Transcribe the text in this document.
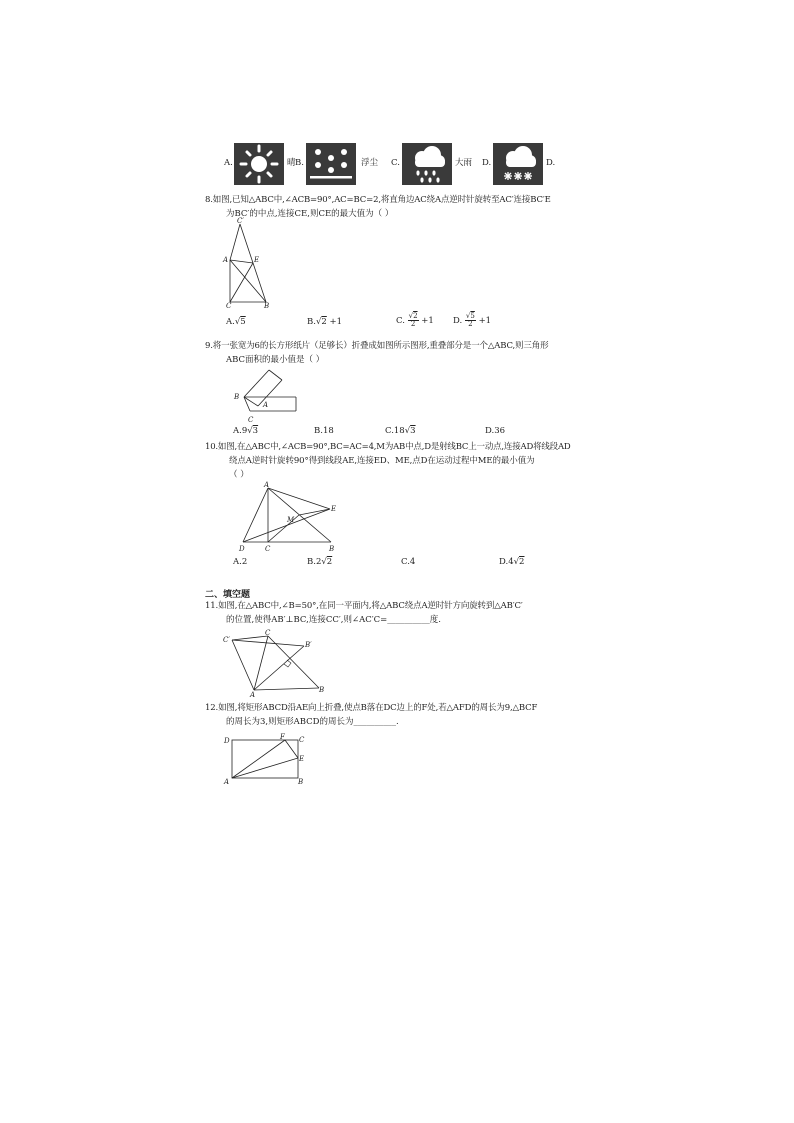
A.	晴 B.	浮尘 C.	大雨 D.	D.
8.如图,已知△ABC中,∠ACB=90°,AC=BC=2,将直角边AC绕A点逆时针旋转至AC′连接BC′E
为BC′的中点,连接CE,则CE的最大值为（ ）
C′
A	E
C	B
A.√5	B.√2 +1	C. $\frac{√2}{2} +1$ D. $\frac{√5}{2} +1$
9.将一张宽为6的长方形纸片（足够长）折叠成如图所示图形,重叠部分是一个△ABC,则三角形
ABC面积的最小值是（ ）
B
A
C
A.9√3	B.18	C.18√3	D.36
10.如图,在△ABC中,∠ACB=90°,BC=AC=4,M为AB中点,D是射线BC上一动点,连接AD将线段AD
绕点A逆时针旋转90°得到线段AE,连接ED、ME,点D在运动过程中ME的最小值为
（ ）
A
M
E
D	C	B
A.2	B.2√2	C.4	D.4√2
二、填空题
11.如图,在△ABC中,∠B=50°,在同一平面内,将△ABC绕点A逆时针方向旋转到△AB′C′
的位置,使得AB′⊥BC,连接CC′,则∠AC′C=__________度.
C′
C
B′
A
B
12.如图,将矩形ABCD沿AE向上折叠,使点B落在DC边上的F处,若△AFD的周长为9,△BCF
的周长为3,则矩形ABCD的周长为__________.
D	F C
E
A	B
